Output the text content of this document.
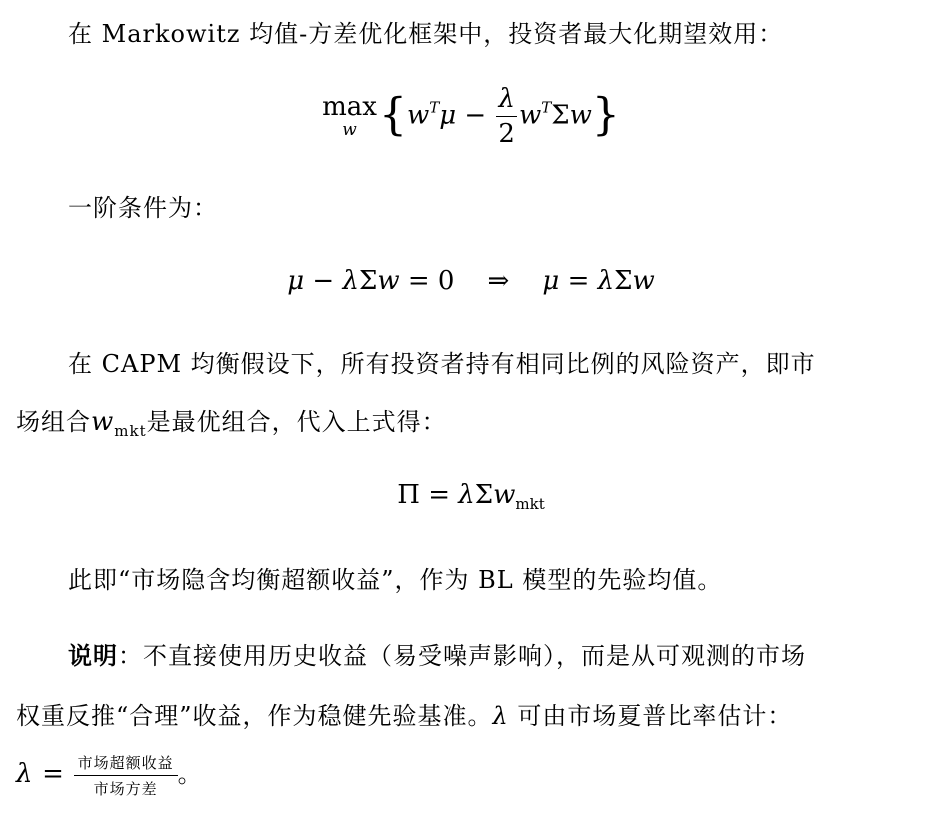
在 Markowitz 均值-方差优化框架中，投资者最大化期望效用：

max
w $\{w^T\mu - \frac{\lambda}{2} w^T\Sigma w\}$

一阶条件为：

μ − λΣw = 0 ⇒ μ = λΣw

在 CAPM 均衡假设下，所有投资者持有相同比例的风险资产，即市

场组合$w_{mkt}$是最优组合，代入上式得：

Π = λΣw$_{mkt}$

此即“市场隐含均衡超额收益”，作为 BL 模型的先验均值。

说明：不直接使用历史收益（易受噪声影响），而是从可观测的市场

权重反推“合理”收益，作为稳健先验基准。λ 可由市场夏普比率估计：

$\lambda = \frac{\text{市场超额收益}}{\text{市场方差}}$ 。
